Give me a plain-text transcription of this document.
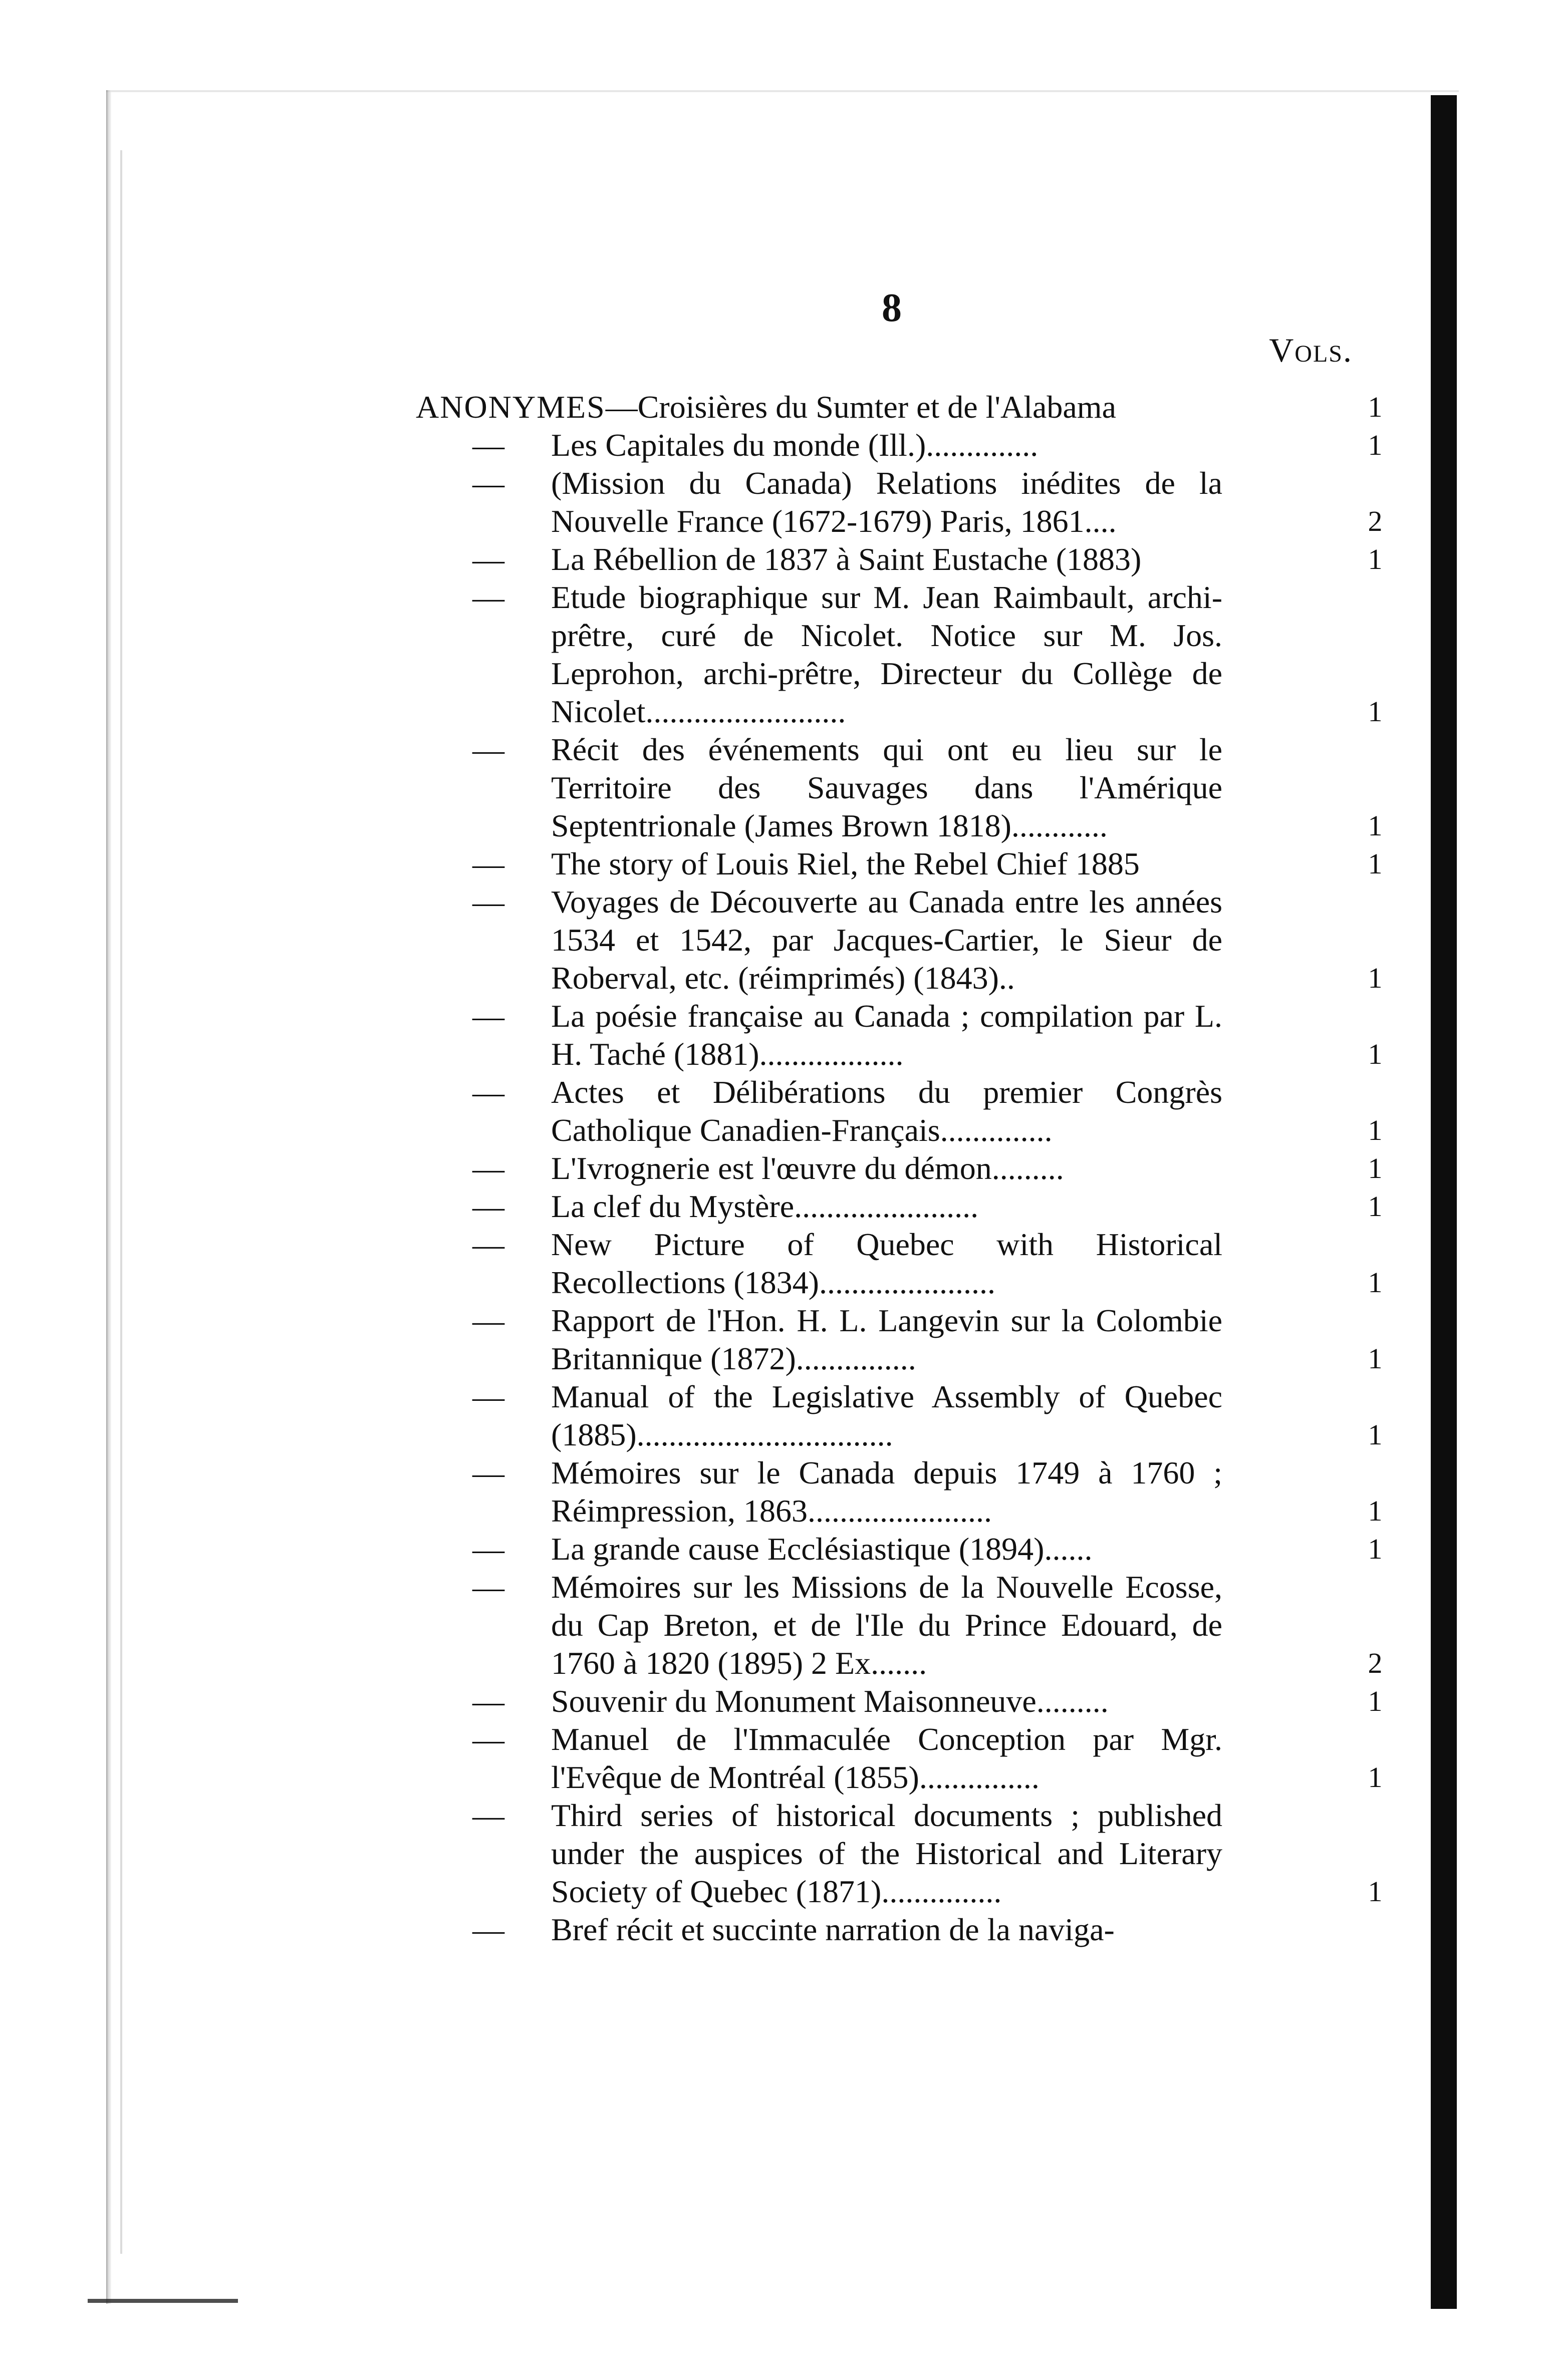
8
Vols.
ANONYMES—Croisières du Sumter et de l'Alabama	1
— Les Capitales du monde (Ill.)..............	1
— (Mission du Canada) Relations inédites de la Nouvelle France (1672-1679) Paris, 1861....	2
— La Rébellion de 1837 à Saint Eustache (1883)	1
— Etude biographique sur M. Jean Raimbault, archi-prêtre, curé de Nicolet. Notice sur M. Jos. Leprohon, archi-prêtre, Directeur du Collège de Nicolet.........................	1
— Récit des événements qui ont eu lieu sur le Territoire des Sauvages dans l'Amérique Septentrionale (James Brown 1818)............	1
— The story of Louis Riel, the Rebel Chief 1885	1
— Voyages de Découverte au Canada entre les années 1534 et 1542, par Jacques-Cartier, le Sieur de Roberval, etc. (réimprimés) (1843)..	1
— La poésie française au Canada ; compilation par L. H. Taché (1881)..................	1
— Actes et Délibérations du premier Congrès Catholique Canadien-Français..............	1
— L'Ivrognerie est l'œuvre du démon.........	1
— La clef du Mystère.......................	1
— New Picture of Quebec with Historical Recollections (1834)......................	1
— Rapport de l'Hon. H. L. Langevin sur la Colombie Britannique (1872)...............	1
— Manual of the Legislative Assembly of Quebec (1885)................................	1
— Mémoires sur le Canada depuis 1749 à 1760 ; Réimpression, 1863.......................	1
— La grande cause Ecclésiastique (1894)......	1
— Mémoires sur les Missions de la Nouvelle Ecosse, du Cap Breton, et de l'Ile du Prince Edouard, de 1760 à 1820 (1895) 2 Ex.......	2
— Souvenir du Monument Maisonneuve.........	1
— Manuel de l'Immaculée Conception par Mgr. l'Evêque de Montréal (1855)...............	1
— Third series of historical documents ; published under the auspices of the Historical and Literary Society of Quebec (1871)...............	1
— Bref récit et succinte narration de la naviga-
